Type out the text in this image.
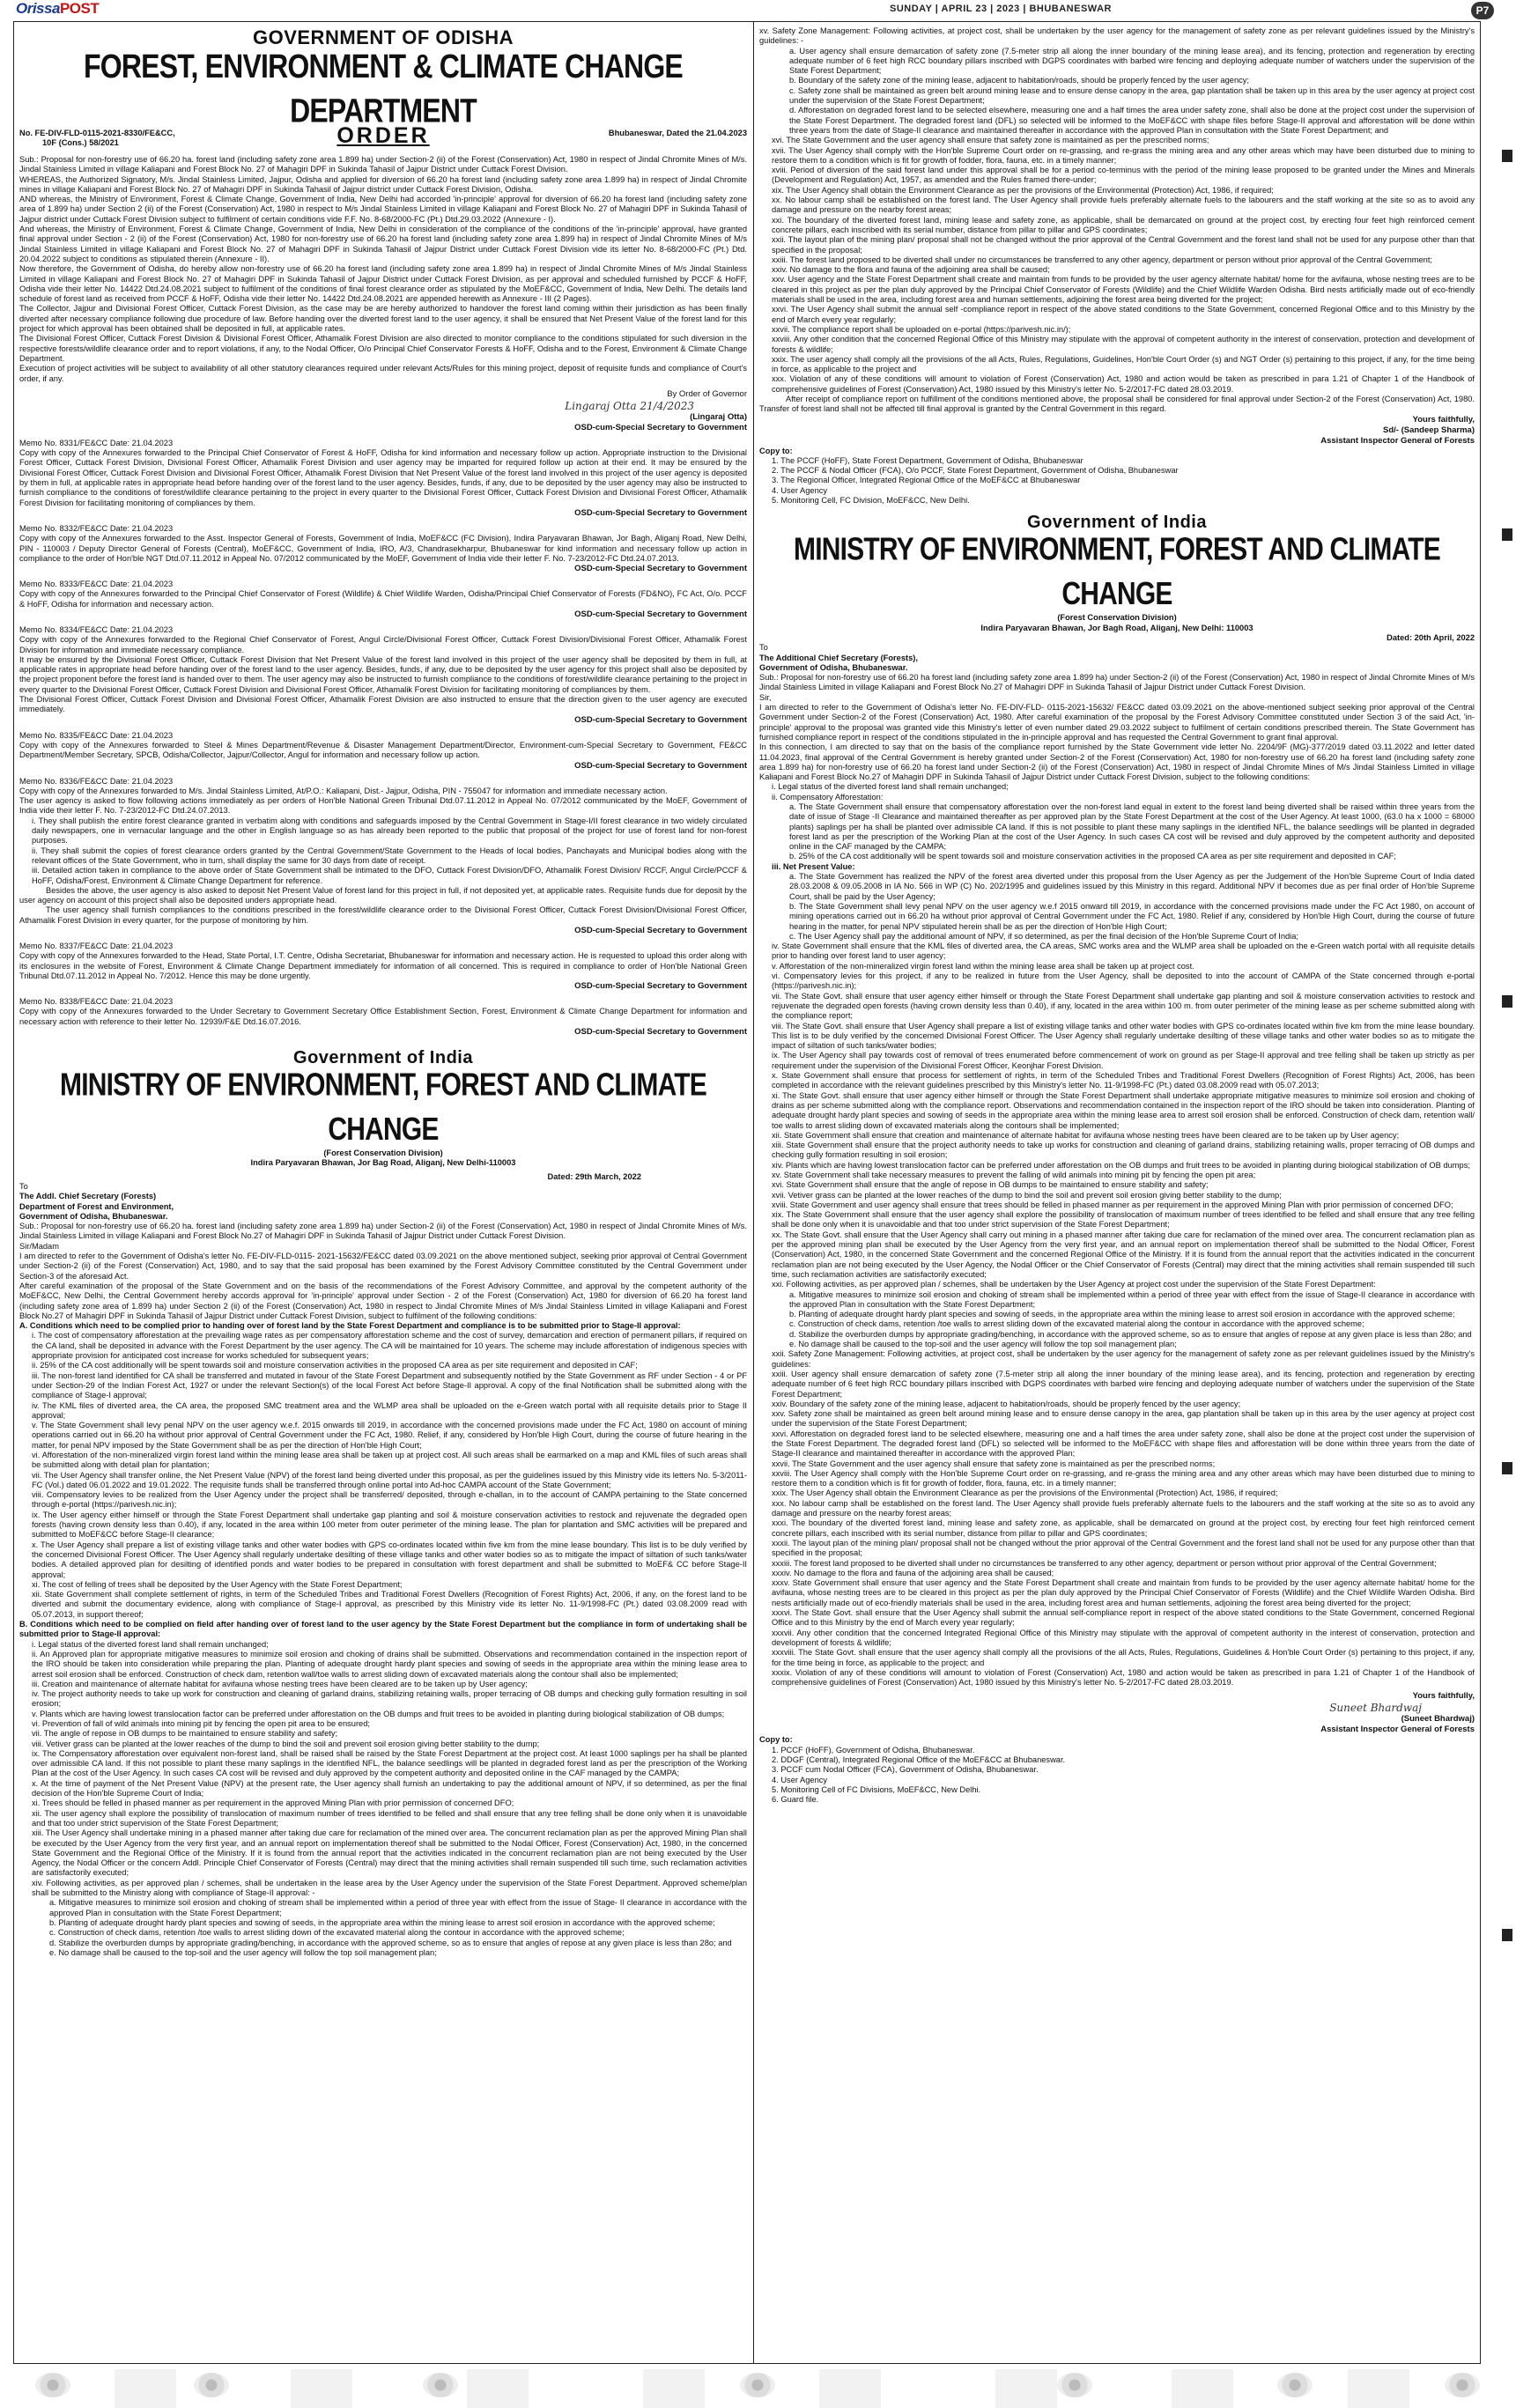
OrissaPOST	SUNDAY | APRIL 23 | 2023 | BHUBANESWAR	P7
GOVERNMENT OF ODISHA
FOREST, ENVIRONMENT & CLIMATE CHANGE DEPARTMENT
No. FE-DIV-FLD-0115-2021-8330/FE&CC,
10F (Cons.) 58/2021
Bhubaneswar, Dated the 21.04.2023
ORDER
Sub.: Proposal for non-forestry use of 66.20 ha. forest land (including safety zone area 1.899 ha) under Section-2 (ii) of the Forest (Conservation) Act, 1980 in respect of Jindal Chromite Mines of M/s. Jindal Stainless Limited in village Kaliapani and Forest Block No. 27 of Mahagiri DPF in Sukinda Tahasil of Jajpur District under Cuttack Forest Division.
WHEREAS, the Authorized Signatory, M/s. Jindal Stainless Limited, Jajpur, Odisha and applied for diversion of 66.20 ha forest land (including safety zone area 1.899 ha) in respect of Jindal Chromite mines in village Kaliapani and Forest Block No. 27 of Mahagiri DPF in Sukinda Tahasil of Jajpur district under Cuttack Forest Division, Odisha.
AND whereas, the Ministry of Environment, Forest & Climate Change, Government of India, New Delhi had accorded 'in-principle' approval for diversion of 66.20 ha forest land (including safety zone area of 1.899 ha) under Section 2 (ii) of the Forest (Conservation) Act, 1980 in respect to M/s Jindal Stainless Limited in village Kaliapani and Forest Block No. 27 of Mahagiri DPF in Sukinda Tahasil of Jajpur district under Cuttack Forest Division subject to fulfilment of certain conditions vide F.F. No. 8-68/2000-FC (Pt.) Dtd.29.03.2022 (Annexure - I).
And whereas, the Ministry of Environment, Forest & Climate Change, Government of India, New Delhi in consideration of the compliance of the conditions of the 'in-principle' approval, have granted final approval under Section - 2 (ii) of the Forest (Conservation) Act, 1980 for non-forestry use of 66.20 ha forest land (including safety zone area 1.899 ha) in respect of Jindal Chromite Mines of M/s Jindal Stainless Limited in village Kaliapani and Forest Block No. 27 of Mahagiri DPF in Sukinda Tahasil of Jajpur District under Cuttack Forest Division vide its letter No. 8-68/2000-FC (Pt.) Dtd. 20.04.2022 subject to conditions as stipulated therein (Annexure - II).
Now therefore, the Government of Odisha, do hereby allow non-forestry use of 66.20 ha forest land (including safety zone area 1.899 ha) in respect of Jindal Chromite Mines of M/s Jindal Stainless Limited in village Kaliapani and Forest Block No. 27 of Mahagiri DPF in Sukinda Tahasil of Jajpur District under Cuttack Forest Division, as per approval and scheduled furnished by PCCF & HoFF, Odisha vide their letter No. 14422 Dtd.24.08.2021 subject to fulfilment of the conditions of final forest clearance order as stipulated by the MoEF&CC, Government of India, New Delhi. The details land schedule of forest land as received from PCCF & HoFF, Odisha vide their letter No. 14422 Dtd.24.08.2021 are appended herewith as Annexure - III (2 Pages).
The Collector, Jajpur and Divisional Forest Officer, Cuttack Forest Division, as the case may be are hereby authorized to handover the forest land coming within their jurisdiction as has been finally diverted after necessary compliance following due procedure of law. Before handing over the diverted forest land to the user agency, it shall be ensured that Net Present Value of the forest land for this project for which approval has been obtained shall be deposited in full, at applicable rates.
The Divisional Forest Officer, Cuttack Forest Division & Divisional Forest Officer, Athamalik Forest Division are also directed to monitor compliance to the conditions stipulated for such diversion in the respective forests/wildlife clearance order and to report violations, if any, to the Nodal Officer, O/o Principal Chief Conservator Forests & HoFF, Odisha and to the Forest, Environment & Climate Change Department.
Execution of project activities will be subject to availability of all other statutory clearances required under relevant Acts/Rules for this mining project, deposit of requisite funds and compliance of Court's order, if any.
By Order of Governor
Lingaraj Otta 21/4/2023
(Lingaraj Otta)
OSD-cum-Special Secretary to Government
Memo No. 8331/FE&CC Date: 21.04.2023
Copy with copy of the Annexures forwarded to the Principal Chief Conservator of Forest & HoFF, Odisha for kind information and necessary follow up action. Appropriate instruction to the Divisional Forest Officer, Cuttack Forest Division, Divisional Forest Officer, Athamalik Forest Division and user agency may be imparted for required follow up action at their end. It may be ensured by the Divisional Forest Officer, Cuttack Forest Division and Divisional Forest Officer, Athamalik Forest Division that Net Present Value of the forest land involved in this project of the user agency is deposited by them in full, at applicable rates in appropriate head before handing over of the forest land to the user agency. Besides, funds, if any, due to be deposited by the user agency may also be instructed to furnish compliance to the conditions of forest/wildlife clearance pertaining to the project in every quarter to the Divisional Forest Officer, Cuttack Forest Division and Divisional Forest Officer, Athamalik Forest Division for facilitating monitoring of compliances by them.
OSD-cum-Special Secretary to Government
Memo No. 8332/FE&CC Date: 21.04.2023
Copy with copy of the Annexures forwarded to the Asst. Inspector General of Forests, Government of India, MoEF&CC (FC Division), Indira Paryavaran Bhawan, Jor Bagh, Aliganj Road, New Delhi, PIN - 110003 / Deputy Director General of Forests (Central), MoEF&CC, Government of India, IRO, A/3, Chandrasekharpur, Bhubaneswar for kind information and necessary follow up action in compliance to the order of Hon'ble NGT Dtd.07.11.2012 in Appeal No. 07/2012 communicated by the MoEF, Government of India vide their letter F. No. 7-23/2012-FC Dtd.24.07.2013.
OSD-cum-Special Secretary to Government
Memo No. 8333/FE&CC Date: 21.04.2023
Copy with copy of the Annexures forwarded to the Principal Chief Conservator of Forest (Wildlife) & Chief Wildlife Warden, Odisha/Principal Chief Conservator of Forests (FD&NO), FC Act, O/o. PCCF & HoFF, Odisha for information and necessary action.
OSD-cum-Special Secretary to Government
Memo No. 8334/FE&CC Date: 21.04.2023
Copy with copy of the Annexures forwarded to the Regional Chief Conservator of Forest, Angul Circle/Divisional Forest Officer, Cuttack Forest Division/Divisional Forest Officer, Athamalik Forest Division for information and immediate necessary compliance.
It may be ensured by the Divisional Forest Officer, Cuttack Forest Division that Net Present Value of the forest land involved in this project of the user agency shall be deposited by them in full, at applicable rates in appropriate head before handing over of the forest land to the user agency. Besides, funds, if any, due to be deposited by the user agency for this project shall also be deposited by the project proponent before the forest land is handed over to them. The user agency may also be instructed to furnish compliance to the conditions of forest/wildlife clearance pertaining to the project in every quarter to the Divisional Forest Officer, Cuttack Forest Division and Divisional Forest Officer, Athamalik Forest Division for facilitating monitoring of compliances by them.
The Divisional Forest Officer, Cuttack Forest Division and Divisional Forest Officer, Athamalik Forest Division are also instructed to ensure that the direction given to the user agency are executed immediately.
OSD-cum-Special Secretary to Government
Memo No. 8335/FE&CC Date: 21.04.2023
Copy with copy of the Annexures forwarded to Steel & Mines Department/Revenue & Disaster Management Department/Director, Environment-cum-Special Secretary to Government, FE&CC Department/Member Secretary, SPCB, Odisha/Collector, Jajpur/Collector, Angul for information and necessary follow up action.
OSD-cum-Special Secretary to Government
Memo No. 8336/FE&CC Date: 21.04.2023
Copy with copy of the Annexures forwarded to M/s. Jindal Stainless Limited, At/P.O.: Kaliapani, Dist.- Jajpur, Odisha, PIN - 755047 for information and immediate necessary action.
The user agency is asked to flow following actions immediately as per orders of Hon'ble National Green Tribunal Dtd.07.11.2012 in Appeal No. 07/2012 communicated by the MoEF, Government of India vide their letter F. No. 7-23/2012-FC Dtd.24.07.2013.
i. They shall publish the entire forest clearance granted in verbatim along with conditions and safeguards imposed by the Central Government in Stage-I/II forest clearance in two widely circulated daily newspapers, one in vernacular language and the other in English language so as has already been reported to the public that proposal of the project for use of forest land for non-forest purposes.
ii. They shall submit the copies of forest clearance orders granted by the Central Government/State Government to the Heads of local bodies, Panchayats and Municipal bodies along with the relevant offices of the State Government, who in turn, shall display the same for 30 days from date of receipt.
iii. Detailed action taken in compliance to the above order of State Government shall be intimated to the DFO, Cuttack Forest Division/DFO, Athamalik Forest Division/ RCCF, Angul Circle/PCCF & HoFF, Odisha/Forest, Environment & Climate Change Department for reference.
Besides the above, the user agency is also asked to deposit Net Present Value of forest land for this project in full, if not deposited yet, at applicable rates. Requisite funds due for deposit by the user agency on account of this project shall also be deposited unders appropriate head.
The user agency shall furnish compliances to the conditions prescribed in the forest/wildlife clearance order to the Divisional Forest Officer, Cuttack Forest Division/Divisional Forest Officer, Athamalik Forest Division in every quarter, for the purpose of monitoring by him.
OSD-cum-Special Secretary to Government
Memo No. 8337/FE&CC Date: 21.04.2023
Copy with copy of the Annexures forwarded to the Head, State Portal, I.T. Centre, Odisha Secretariat, Bhubaneswar for information and necessary action. He is requested to upload this order along with its enclosures in the website of Forest, Environment & Climate Change Department immediately for information of all concerned. This is required in compliance to order of Hon'ble National Green Tribunal Dtd.07.11.2012 in Appeal No. 7/2012. Hence this may be done urgently.
OSD-cum-Special Secretary to Government
Memo No. 8338/FE&CC Date: 21.04.2023
Copy with copy of the Annexures forwarded to the Under Secretary to Government Secretary Office Establishment Section, Forest, Environment & Climate Change Department for information and necessary action with reference to their letter No. 12939/F&E Dtd.16.07.2016.
OSD-cum-Special Secretary to Government
Government of India
MINISTRY OF ENVIRONMENT, FOREST AND CLIMATE CHANGE
(Forest Conservation Division)
Indira Paryavaran Bhawan, Jor Bag Road, Aliganj, New Delhi-110003
Dated: 29th March, 2022
To
The Addl. Chief Secretary (Forests)
Department of Forest and Environment,
Government of Odisha, Bhubaneswar.
Sub.: Proposal for non-forestry use of 66.20 ha. forest land (including safety zone area 1.899 ha) under Section-2 (ii) of the Forest (Conservation) Act, 1980 in respect of Jindal Chromite Mines of M/s. Jindal Stainless Limited in village Kaliapani and Forest Block No.27 of Mahagiri DPF in Sukinda Tahasil of Jajpur District under Cuttack Forest Division.
Sir/Madam
I am directed to refer to the Government of Odisha's letter No. FE-DIV-FLD-0115- 2021-15632/FE&CC dated 03.09.2021 on the above mentioned subject, seeking prior approval of Central Government under Section-2 (ii) of the Forest (Conservation) Act, 1980, and to say that the said proposal has been examined by the Forest Advisory Committee constituted by the Central Government under Section-3 of the aforesaid Act.
After careful examination of the proposal of the State Government and on the basis of the recommendations of the Forest Advisory Committee, and approval by the competent authority of the MoEF&CC, New Delhi, the Central Government hereby accords approval for 'in-principle' approval under Section - 2 of the Forest (Conservation) Act, 1980 for diversion of 66.20 ha forest land (including safety zone area of 1.899 ha) under Section 2 (ii) of the Forest (Conservation) Act, 1980 in respect to Jindal Chromite Mines of M/s Jindal Stainless Limited in village Kaliapani and Forest Block No.27 of Mahagiri DPF in Sukinda Tahasil of Jajpur District under Cuttack Forest Division, subject to fulfilment of the following conditions:
A. Conditions which need to be complied prior to handing over of forest land by the State Forest Department and compliance is to be submitted prior to Stage-II approval:
i. The cost of compensatory afforestation at the prevailing wage rates as per compensatory afforestation scheme and the cost of survey, demarcation and erection of permanent pillars, if required on the CA land, shall be deposited in advance with the Forest Department by the user agency. The CA will be maintained for 10 years. The scheme may include afforestation of indigenous species with appropriate provision for anticipated cost increase for works scheduled for subsequent years;
ii. 25% of the CA cost additionally will be spent towards soil and moisture conservation activities in the proposed CA area as per site requirement and deposited in CAF;
iii. The non-forest land identified for CA shall be transferred and mutated in favour of the State Forest Department and subsequently notified by the State Government as RF under Section - 4 or PF under Section-29 of the Indian Forest Act, 1927 or under the relevant Section(s) of the local Forest Act before Stage-II approval. A copy of the final Notification shall be submitted along with the compliance of Stage-I approval;
iv. The KML files of diverted area, the CA area, the proposed SMC treatment area and the WLMP area shall be uploaded on the e-Green watch portal with all requisite details prior to Stage II approval;
v. The State Government shall levy penal NPV on the user agency w.e.f. 2015 onwards till 2019, in accordance with the concerned provisions made under the FC Act, 1980 on account of mining operations carried out in 66.20 ha without prior approval of Central Government under the FC Act, 1980. Relief, if any, considered by Hon'ble High Court, during the course of future hearing in the matter, for penal NPV imposed by the State Government shall be as per the direction of Hon'ble High Court;
vi. Afforestation of the non-mineralized virgin forest land within the mining lease area shall be taken up at project cost. All such areas shall be earmarked on a map and KML files of such areas shall be submitted along with detail plan for plantation;
vii. The User Agency shall transfer online, the Net Present Value (NPV) of the forest land being diverted under this proposal, as per the guidelines issued by this Ministry vide its letters No. 5-3/2011-FC (Vol.) dated 06.01.2022 and 19.01.2022. The requisite funds shall be transferred through online portal into Ad-hoc CAMPA account of the State Government;
viii. Compensatory levies to be realized from the User Agency under the project shall be transferred/ deposited, through e-challan, in to the account of CAMPA pertaining to the State concerned through e-portal (https://parivesh.nic.in);
ix. The User agency either himself or through the State Forest Department shall undertake gap planting and soil & moisture conservation activities to restock and rejuvenate the degraded open forests (having crown density less than 0.40), if any, located in the area within 100 meter from outer perimeter of the mining lease. The plan for plantation and SMC activities will be prepared and submitted to MoEF&CC before Stage-II clearance;
x. The User Agency shall prepare a list of existing village tanks and other water bodies with GPS co-ordinates located within five km from the mine lease boundary. This list is to be duly verified by the concerned Divisional Forest Officer. The User Agency shall regularly undertake desilting of these village tanks and other water bodies so as to mitigate the impact of siltation of such tanks/water bodies. A detailed approved plan for desilting of identified ponds and water bodies to be prepared in consultation with forest department and shall be submitted to MoEF& CC before Stage-II approval;
xi. The cost of felling of trees shall be deposited by the User Agency with the State Forest Department;
xii. State Government shall complete settlement of rights, in term of the Scheduled Tribes and Traditional Forest Dwellers (Recognition of Forest Rights) Act, 2006, if any, on the forest land to be diverted and submit the documentary evidence, along with compliance of Stage-I approval, as prescribed by this Ministry vide its letter No. 11-9/1998-FC (Pt.) dated 03.08.2009 read with 05.07.2013, in support thereof;
B. Conditions which need to be complied on field after handing over of forest land to the user agency by the State Forest Department but the compliance in form of undertaking shall be submitted prior to Stage-II approval:
i. Legal status of the diverted forest land shall remain unchanged;
ii. An Approved plan for appropriate mitigative measures to minimize soil erosion and choking of drains shall be submitted. Observations and recommendation contained in the inspection report of the IRO should be taken into consideration while preparing the plan. Planting of adequate drought hardy plant species and sowing of seeds in the appropriate area within the mining lease area to arrest soil erosion shall be enforced. Construction of check dam, retention wall/toe walls to arrest sliding down of excavated materials along the contour shall also be implemented;
iii. Creation and maintenance of alternate habitat for avifauna whose nesting trees have been cleared are to be taken up by User agency;
iv. The project authority needs to take up work for construction and cleaning of garland drains, stabilizing retaining walls, proper terracing of OB dumps and checking gully formation resulting in soil erosion;
v. Plants which are having lowest translocation factor can be preferred under afforestation on the OB dumps and fruit trees to be avoided in planting during biological stabilization of OB dumps;
vi. Prevention of fall of wild animals into mining pit by fencing the open pit area to be ensured;
vii. The angle of repose in OB dumps to be maintained to ensure stability and safety;
viii. Vetiver grass can be planted at the lower reaches of the dump to bind the soil and prevent soil erosion giving better stability to the dump;
ix. The Compensatory afforestation over equivalent non-forest land, shall be raised shall be raised by the State Forest Department at the project cost. At least 1000 saplings per ha shall be planted over admissible CA land. If this not possible to plant these many saplings in the identified NFL, the balance seedlings will be planted in degraded forest land as per the prescription of the Working Plan at the cost of the User Agency. In such cases CA cost will be revised and duly approved by the competent authority and deposited online in the CAF managed by the CAMPA;
x. At the time of payment of the Net Present Value (NPV) at the present rate, the User agency shall furnish an undertaking to pay the additional amount of NPV, if so determined, as per the final decision of the Hon'ble Supreme Court of India;
xi. Trees should be felled in phased manner as per requirement in the approved Mining Plan with prior permission of concerned DFO;
xii. The user agency shall explore the possibility of translocation of maximum number of trees identified to be felled and shall ensure that any tree felling shall be done only when it is unavoidable and that too under strict supervision of the State Forest Department;
xiii. The User Agency shall undertake mining in a phased manner after taking due care for reclamation of the mined over area. The concurrent reclamation plan as per the approved Mining Plan shall be executed by the User Agency from the very first year, and an annual report on implementation thereof shall be submitted to the Nodal Officer, Forest (Conservation) Act, 1980, in the concerned State Government and the Regional Office of the Ministry. If it is found from the annual report that the activities indicated in the concurrent reclamation plan are not being executed by the User Agency, the Nodal Officer or the concern Addl. Principle Chief Conservator of Forests (Central) may direct that the mining activities shall remain suspended till such time, such reclamation activities are satisfactorily executed;
xiv. Following activities, as per approved plan / schemes, shall be undertaken in the lease area by the User Agency under the supervision of the State Forest Department. Approved scheme/plan shall be submitted to the Ministry along with compliance of Stage-II approval: -
a. Mitigative measures to minimize soil erosion and choking of stream shall be implemented within a period of three year with effect from the issue of Stage- II clearance in accordance with the approved Plan in consultation with the State Forest Department;
b. Planting of adequate drought hardy plant species and sowing of seeds, in the appropriate area within the mining lease to arrest soil erosion in accordance with the approved scheme;
c. Construction of check dams, retention /toe walls to arrest sliding down of the excavated material along the contour in accordance with the approved scheme;
d. Stabilize the overburden dumps by appropriate grading/benching, in accordance with the approved scheme, so as to ensure that angles of repose at any given place is less than 28o; and
e. No damage shall be caused to the top-soil and the user agency will follow the top soil management plan;
xv. Safety Zone Management: Following activities, at project cost, shall be undertaken by the user agency for the management of safety zone as per relevant guidelines issued by the Ministry's guidelines: -
a. User agency shall ensure demarcation of safety zone (7.5-meter strip all along the inner boundary of the mining lease area), and its fencing, protection and regeneration by erecting adequate number of 6 feet high RCC boundary pillars inscribed with DGPS coordinates with barbed wire fencing and deploying adequate number of watchers under the supervision of the State Forest Department;
b. Boundary of the safety zone of the mining lease, adjacent to habitation/roads, should be properly fenced by the user agency;
c. Safety zone shall be maintained as green belt around mining lease and to ensure dense canopy in the area, gap plantation shall be taken up in this area by the user agency at project cost under the supervision of the State Forest Department;
d. Afforestation on degraded forest land to be selected elsewhere, measuring one and a half times the area under safety zone, shall also be done at the project cost under the supervision of the State Forest Department. The degraded forest land (DFL) so selected will be informed to the MoEF&CC with shape files before Stage-II approval and afforestation will be done within three years from the date of Stage-II clearance and maintained thereafter in accordance with the approved Plan in consultation with the State Forest Department; and
xvi. The State Government and the user agency shall ensure that safety zone is maintained as per the prescribed norms;
xvii. The User Agency shall comply with the Hon'ble Supreme Court order on re-grassing, and re-grass the mining area and any other areas which may have been disturbed due to mining to restore them to a condition which is fit for growth of fodder, flora, fauna, etc. in a timely manner;
xviii. Period of diversion of the said forest land under this approval shall be for a period co-terminus with the period of the mining lease proposed to be granted under the Mines and Minerals (Development and Regulation) Act, 1957, as amended and the Rules framed there-under;
xix. The User Agency shall obtain the Environment Clearance as per the provisions of the Environmental (Protection) Act, 1986, if required;
xx. No labour camp shall be established on the forest land. The User Agency shall provide fuels preferably alternate fuels to the labourers and the staff working at the site so as to avoid any damage and pressure on the nearby forest areas;
xxi. The boundary of the diverted forest land, mining lease and safety zone, as applicable, shall be demarcated on ground at the project cost, by erecting four feet high reinforced cement concrete pillars, each inscribed with its serial number, distance from pillar to pillar and GPS coordinates;
xxii. The layout plan of the mining plan/ proposal shall not be changed without the prior approval of the Central Government and the forest land shall not be used for any purpose other than that specified in the proposal;
xxiii. The forest land proposed to be diverted shall under no circumstances be transferred to any other agency, department or person without prior approval of the Central Government;
xxiv. No damage to the flora and fauna of the adjoining area shall be caused;
xxv. User agency and the State Forest Department shall create and maintain from funds to be provided by the user agency alternate habitat/ home for the avifauna, whose nesting trees are to be cleared in this project as per the plan duly approved by the Principal Chief Conservator of Forests (Wildlife) and the Chief Wildlife Warden Odisha. Bird nests artificially made out of eco-friendly materials shall be used in the area, including forest area and human settlements, adjoining the forest area being diverted for the project;
xxvi. The User Agency shall submit the annual self -compliance report in respect of the above stated conditions to the State Government, concerned Regional Office and to this Ministry by the end of March every year regularly;
xxvii. The compliance report shall be uploaded on e-portal (https://parivesh.nic.in/);
xxviii. Any other condition that the concerned Regional Office of this Ministry may stipulate with the approval of competent authority in the interest of conservation, protection and development of forests & wildlife;
xxix. The user agency shall comply all the provisions of the all Acts, Rules, Regulations, Guidelines, Hon'ble Court Order (s) and NGT Order (s) pertaining to this project, if any, for the time being in force, as applicable to the project and
xxx. Violation of any of these conditions will amount to violation of Forest (Conservation) Act, 1980 and action would be taken as prescribed in para 1.21 of Chapter 1 of the Handbook of comprehensive guidelines of Forest (Conservation) Act, 1980 issued by this Ministry's letter No. 5-2/2017-FC dated 28.03.2019.
After receipt of compliance report on fulfillment of the conditions mentioned above, the proposal shall be considered for final approval under Section-2 of the Forest (Conservation) Act, 1980. Transfer of forest land shall not be affected till final approval is granted by the Central Government in this regard.
Yours faithfully,
Sd/- (Sandeep Sharma)
Assistant Inspector General of Forests
Copy to:
1. The PCCF (HoFF), State Forest Department, Government of Odisha, Bhubaneswar
2. The PCCF & Nodal Officer (FCA), O/o PCCF, State Forest Department, Government of Odisha, Bhubaneswar
3. The Regional Officer, Integrated Regional Office of the MoEF&CC at Bhubaneswar
4. User Agency
5. Monitoring Cell, FC Division, MoEF&CC, New Delhi.
Government of India
MINISTRY OF ENVIRONMENT, FOREST AND CLIMATE CHANGE
(Forest Conservation Division)
Indira Paryavaran Bhawan, Jor Bagh Road, Aliganj, New Delhi: 110003
Dated: 20th April, 2022
To
The Additional Chief Secretary (Forests),
Government of Odisha, Bhubaneswar.
Sub.: Proposal for non-forestry use of 66.20 ha forest land (including safety zone area 1.899 ha) under Section-2 (ii) of the Forest (Conservation) Act, 1980 in respect of Jindal Chromite Mines of M/s Jindal Stainless Limited in village Kaliapani and Forest Block No.27 of Mahagiri DPF in Sukinda Tahasil of Jajpur District under Cuttack Forest Division.
Sir,
I am directed to refer to the Government of Odisha's letter No. FE-DIV-FLD- 0115-2021-15632/ FE&CC dated 03.09.2021 on the above-mentioned subject seeking prior approval of the Central Government under Section-2 of the Forest (Conservation) Act, 1980. After careful examination of the proposal by the Forest Advisory Committee constituted under Section 3 of the said Act, 'in-principle' approval to the proposal was granted vide this Ministry's letter of even number dated 29.03.2022 subject to fulfilment of certain conditions prescribed therein. The State Government has furnished compliance report in respect of the conditions stipulated in the in-principle approval and has requested the Central Government to grant final approval.
In this connection, I am directed to say that on the basis of the compliance report furnished by the State Government vide letter No. 2204/9F (MG)-377/2019 dated 03.11.2022 and letter dated 11.04.2023, final approval of the Central Government is hereby granted under Section-2 of the Forest (Conservation) Act, 1980 for non-forestry use of 66.20 ha forest land (including safety zone area 1.899 ha) for non-forestry use of 66.20 ha forest land under Section-2 (ii) of the Forest (Conservation) Act, 1980 in respect of Jindal Chromite Mines of M/s Jindal Stainless Limited in village Kaliapani and Forest Block No.27 of Mahagiri DPF in Sukinda Tahasil of Jajpur District under Cuttack Forest Division, subject to the following conditions:
i. Legal status of the diverted forest land shall remain unchanged;
ii. Compensatory Afforestation:
a. The State Government shall ensure that compensatory afforestation over the non-forest land equal in extent to the forest land being diverted shall be raised within three years from the date of issue of Stage -II Clearance and maintained thereafter as per approved plan by the State Forest Department at the cost of the User Agency. At least 1000, (63.0 ha x 1000 = 68000 plants) saplings per ha shall be planted over admissible CA land. If this is not possible to plant these many saplings in the identified NFL, the balance seedlings will be planted in degraded forest land as per the prescription of the Working Plan at the cost of the User Agency. In such cases CA cost will be revised and duly approved by the competent authority and deposited online in the CAF managed by the CAMPA;
b. 25% of the CA cost additionally will be spent towards soil and moisture conservation activities in the proposed CA area as per site requirement and deposited in CAF;
iii. Net Present Value:
a. The State Government has realized the NPV of the forest area diverted under this proposal from the User Agency as per the Judgement of the Hon'ble Supreme Court of India dated 28.03.2008 & 09.05.2008 in IA No. 566 in WP (C) No. 202/1995 and guidelines issued by this Ministry in this regard. Additional NPV if becomes due as per final order of Hon'ble Supreme Court, shall be paid by the User Agency;
b. The State Government shall levy penal NPV on the user agency w.e.f 2015 onward till 2019, in accordance with the concerned provisions made under the FC Act 1980, on account of mining operations carried out in 66.20 ha without prior approval of Central Government under the FC Act, 1980. Relief if any, considered by Hon'ble High Court, during the course of future hearing in the matter, for penal NPV stipulated herein shall be as per the direction of Hon'ble High Court;
c. The User Agency shall pay the additional amount of NPV, if so determined, as per the final decision of the Hon'ble Supreme Court of India;
iv. State Government shall ensure that the KML files of diverted area, the CA areas, SMC works area and the WLMP area shall be uploaded on the e-Green watch portal with all requisite details prior to handing over forest land to user agency;
v. Afforestation of the non-mineralized virgin forest land within the mining lease area shall be taken up at project cost.
vi. Compensatory levies for this project, if any to be realized in future from the User Agency, shall be deposited to into the account of CAMPA of the State concerned through e-portal (https://parivesh.nic.in);
vii. The State Govt. shall ensure that user agency either himself or through the State Forest Department shall undertake gap planting and soil & moisture conservation activities to restock and rejuvenate the degraded open forests (having crown density less than 0.40), if any, located in the area within 100 m. from outer perimeter of the mining lease as per scheme submitted along with the compliance report;
viii. The State Govt. shall ensure that User Agency shall prepare a list of existing village tanks and other water bodies with GPS co-ordinates located within five km from the mine lease boundary. This list is to be duly verified by the concerned Divisional Forest Officer. The User Agency shall regularly undertake desilting of these village tanks and other water bodies so as to mitigate the impact of siltation of such tanks/water bodies;
ix. The User Agency shall pay towards cost of removal of trees enumerated before commencement of work on ground as per Stage-II approval and tree felling shall be taken up strictly as per requirement under the supervision of the Divisional Forest Officer, Keonjhar Forest Division.
x. State Government shall ensure that process for settlement of rights, in term of the Scheduled Tribes and Traditional Forest Dwellers (Recognition of Forest Rights) Act, 2006, has been completed in accordance with the relevant guidelines prescribed by this Ministry's letter No. 11-9/1998-FC (Pt.) dated 03.08.2009 read with 05.07.2013;
xi. The State Govt. shall ensure that user agency either himself or through the State Forest Department shall undertake appropriate mitigative measures to minimize soil erosion and choking of drains as per scheme submitted along with the compliance report. Observations and recommendation contained in the inspection report of the IRO should be taken into consideration. Planting of adequate drought hardy plant species and sowing of seeds in the appropriate area within the mining lease area to arrest soil erosion shall be enforced. Construction of check dam, retention wall/ toe walls to arrest sliding down of excavated materials along the contours shall be implemented;
xii. State Government shall ensure that creation and maintenance of alternate habitat for avifauna whose nesting trees have been cleared are to be taken up by User agency;
xiii. State Government shall ensure that the project authority needs to take up works for construction and cleaning of garland drains, stabilizing retaining walls, proper terracing of OB dumps and checking gully formation resulting in soil erosion;
xiv. Plants which are having lowest translocation factor can be preferred under afforestation on the OB dumps and fruit trees to be avoided in planting during biological stabilization of OB dumps;
xv. State Government shall take necessary measures to prevent the falling of wild animals into mining pit by fencing the open pit area;
xvi. State Government shall ensure that the angle of repose in OB dumps to be maintained to ensure stability and safety;
xvii. Vetiver grass can be planted at the lower reaches of the dump to bind the soil and prevent soil erosion giving better stability to the dump;
xviii. State Government and user agency shall ensure that trees should be felled in phased manner as per requirement in the approved Mining Plan with prior permission of concerned DFO;
xix. The State Government shall ensure that the user agency shall explore the possibility of translocation of maximum number of trees identified to be felled and shall ensure that any tree felling shall be done only when it is unavoidable and that too under strict supervision of the State Forest Department;
xx. The State Govt. shall ensure that the User Agency shall carry out mining in a phased manner after taking due care for reclamation of the mined over area. The concurrent reclamation plan as per the approved mining plan shall be executed by the User Agency from the very first year, and an annual report on implementation thereof shall be submitted to the Nodal Officer, Forest (Conservation) Act, 1980, in the concerned State Government and the concerned Regional Office of the Ministry. If it is found from the annual report that the activities indicated in the concurrent reclamation plan are not being executed by the User Agency, the Nodal Officer or the Chief Conservator of Forests (Central) may direct that the mining activities shall remain suspended till such time, such reclamation activities are satisfactorily executed;
xxi. Following activities, as per approved plan / schemes, shall be undertaken by the User Agency at project cost under the supervision of the State Forest Department:
a. Mitigative measures to minimize soil erosion and choking of stream shall be implemented within a period of three year with effect from the issue of Stage-II clearance in accordance with the approved Plan in consultation with the State Forest Department;
b. Planting of adequate drought hardy plant species and sowing of seeds, in the appropriate area within the mining lease to arrest soil erosion in accordance with the approved scheme;
c. Construction of check dams, retention /toe walls to arrest sliding down of the excavated material along the contour in accordance with the approved scheme;
d. Stabilize the overburden dumps by appropriate grading/benching, in accordance with the approved scheme, so as to ensure that angles of repose at any given place is less than 28o; and
e. No damage shall be caused to the top-soil and the user agency will follow the top soil management plan;
xxii. Safety Zone Management: Following activities, at project cost, shall be undertaken by the user agency for the management of safety zone as per relevant guidelines issued by the Ministry's guidelines:
xxiii. User agency shall ensure demarcation of safety zone (7.5-meter strip all along the inner boundary of the mining lease area), and its fencing, protection and regeneration by erecting adequate number of 6 feet high RCC boundary pillars inscribed with DGPS coordinates with barbed wire fencing and deploying adequate number of watchers under the supervision of the State Forest Department;
xxiv. Boundary of the safety zone of the mining lease, adjacent to habitation/roads, should be properly fenced by the user agency;
xxv. Safety zone shall be maintained as green belt around mining lease and to ensure dense canopy in the area, gap plantation shall be taken up in this area by the user agency at project cost under the supervision of the State Forest Department;
xxvi. Afforestation on degraded forest land to be selected elsewhere, measuring one and a half times the area under safety zone, shall also be done at the project cost under the supervision of the State Forest Department. The degraded forest land (DFL) so selected will be informed to the MoEF&CC with shape files and afforestation will be done within three years from the date of Stage-II clearance and maintained thereafter in accordance with the approved Plan;
xxvii. The State Government and the user agency shall ensure that safety zone is maintained as per the prescribed norms;
xxviii. The User Agency shall comply with the Hon'ble Supreme Court order on re-grassing, and re-grass the mining area and any other areas which may have been disturbed due to mining to restore them to a condition which is fit for growth of fodder, flora, fauna, etc. in a timely manner;
xxix. The User Agency shall obtain the Environment Clearance as per the provisions of the Environmental (Protection) Act, 1986, if required;
xxx. No labour camp shall be established on the forest land. The User Agency shall provide fuels preferably alternate fuels to the labourers and the staff working at the site so as to avoid any damage and pressure on the nearby forest areas;
xxxi. The boundary of the diverted forest land, mining lease and safety zone, as applicable, shall be demarcated on ground at the project cost, by erecting four feet high reinforced cement concrete pillars, each inscribed with its serial number, distance from pillar to pillar and GPS coordinates;
xxxii. The layout plan of the mining plan/ proposal shall not be changed without the prior approval of the Central Government and the forest land shall not be used for any purpose other than that specified in the proposal;
xxxiii. The forest land proposed to be diverted shall under no circumstances be transferred to any other agency, department or person without prior approval of the Central Government;
xxxiv. No damage to the flora and fauna of the adjoining area shall be caused;
xxxv. State Government shall ensure that user agency and the State Forest Department shall create and maintain from funds to be provided by the user agency alternate habitat/ home for the avifauna, whose nesting trees are to be cleared in this project as per the plan duly approved by the Principal Chief Conservator of Forests (Wildlife) and the Chief Wildlife Warden Odisha. Bird nests artificially made out of eco-friendly materials shall be used in the area, including forest area and human settlements, adjoining the forest area being diverted for the project;
xxxvi. The State Govt. shall ensure that the User Agency shall submit the annual self-compliance report in respect of the above stated conditions to the State Government, concerned Regional Office and to this Ministry by the end of March every year regularly;
xxxvii. Any other condition that the concerned Integrated Regional Office of this Ministry may stipulate with the approval of competent authority in the interest of conservation, protection and development of forests & wildlife;
xxxviii. The State Govt. shall ensure that the user agency shall comply all the provisions of the all Acts, Rules, Regulations, Guidelines & Hon'ble Court Order (s) pertaining to this project, if any, for the time being in force, as applicable to the project; and
xxxix. Violation of any of these conditions will amount to violation of Forest (Conservation) Act, 1980 and action would be taken as prescribed in para 1.21 of Chapter 1 of the Handbook of comprehensive guidelines of Forest (Conservation) Act, 1980 issued by this Ministry's letter No. 5-2/2017-FC dated 28.03.2019.
Yours faithfully,
Suneet Bhardwaj
(Suneet Bhardwaj)
Assistant Inspector General of Forests
Copy to:
1. PCCF (HoFF), Government of Odisha, Bhubaneswar.
2. DDGF (Central), Integrated Regional Office of the MoEF&CC at Bhubaneswar.
3. PCCF cum Nodal Officer (FCA), Government of Odisha, Bhubaneswar.
4. User Agency
5. Monitoring Cell of FC Divisions, MoEF&CC, New Delhi.
6. Guard file.
